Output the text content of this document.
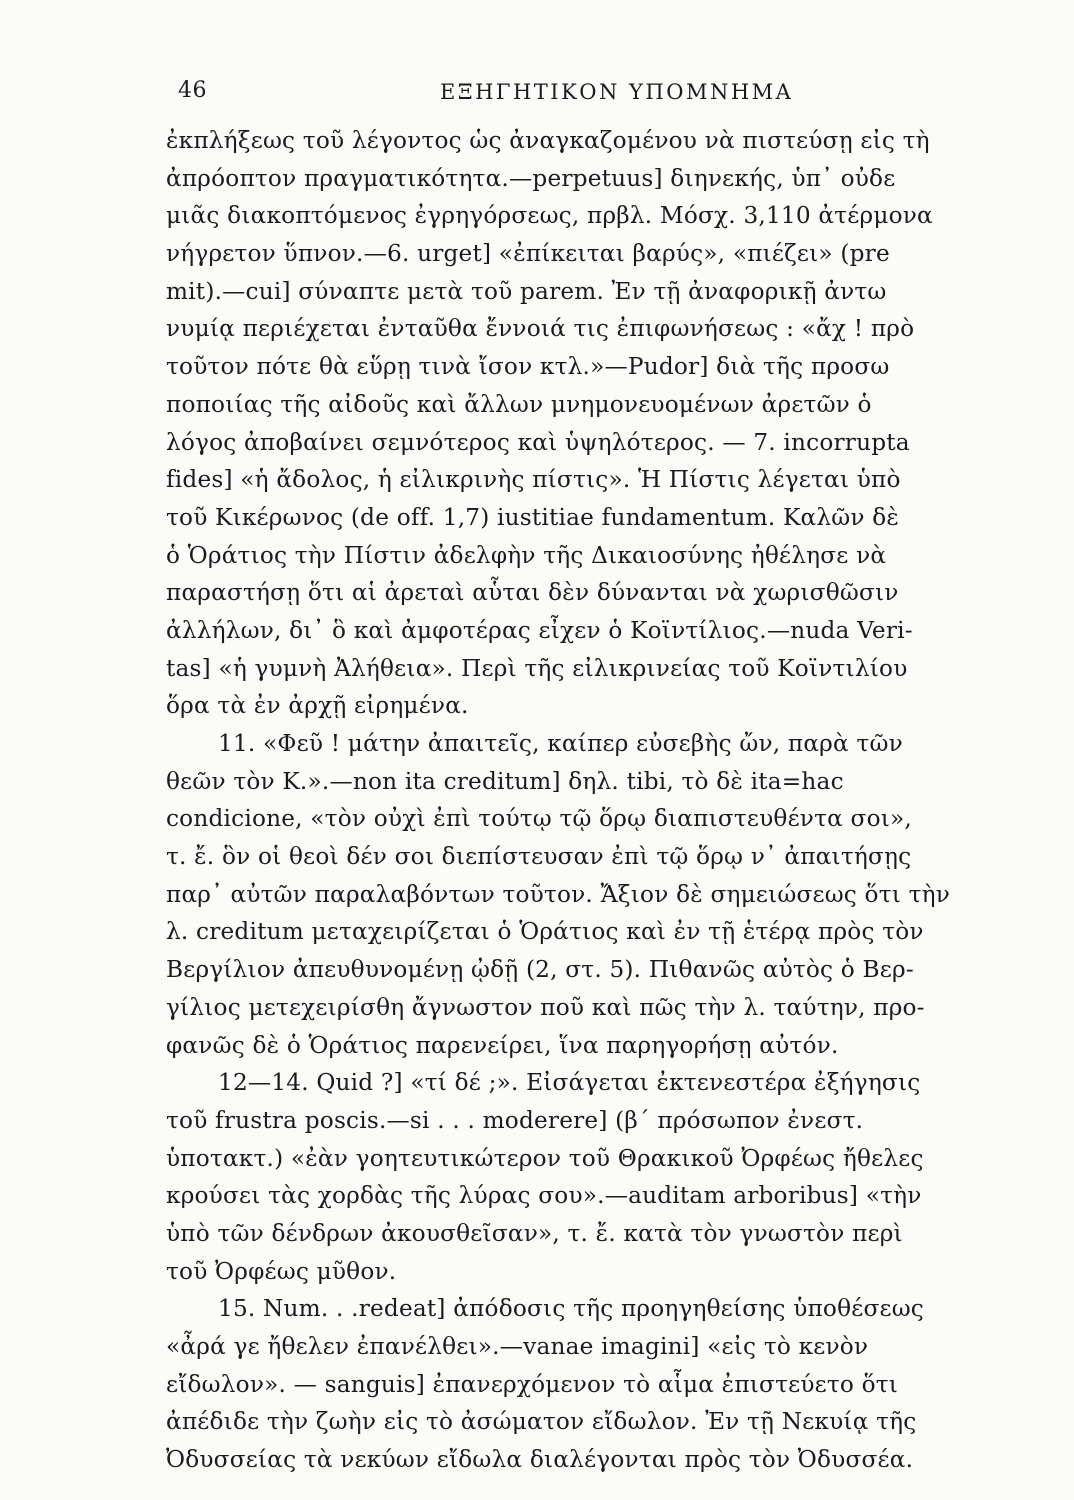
46	ΕΞΗΓΗΤΙΚΟΝ ΥΠΟΜΝΗΜΑ
ἐκπλήξεως τοῦ λέγοντος ὡς ἀναγκαζομένου νὰ πιστεύσῃ εἰς τὴ
ἀπρόοπτον πραγματικότητα.—perpetuus] διηνεκής, ὑπ᾽ οὐδε
μιᾶς διακοπτόμενος ἐγρηγόρσεως, πρβλ. Μόσχ. 3,110 ἀτέρμονα
νήγρετον ὕπνον.—6. urget] «ἐπίκειται βαρύς», «πιέζει» (pre
mit).—cui] σύναπτε μετὰ τοῦ parem. Ἐν τῇ ἀναφορικῇ ἀντω
νυμίᾳ περιέχεται ἐνταῦθα ἔννοιά τις ἐπιφωνήσεως : «ἄχ ! πρὸ
τοῦτον πότε θὰ εὕρῃ τινὰ ἴσον κτλ.»—Pudor] διὰ τῆς προσω
ποποιίας τῆς αἰδοῦς καὶ ἄλλων μνημονευομένων ἀρετῶν ὁ
λόγος ἀποβαίνει σεμνότερος καὶ ὑψηλότερος. — 7. incorrupta
fides] «ἡ ἄδολος, ἡ εἰλικρινὴς πίστις». Ἡ Πίστις λέγεται ὑπὸ
τοῦ Κικέρωνος (de off. 1,7) iustitiae fundamentum. Καλῶν δὲ
ὁ Ὁράτιος τὴν Πίστιν ἀδελφὴν τῆς Δικαιοσύνης ἠθέλησε νὰ
παραστήσῃ ὅτι αἱ ἀρεταὶ αὗται δὲν δύνανται νὰ χωρισθῶσιν
ἀλλήλων, δι᾽ ὃ καὶ ἀμφοτέρας εἶχεν ὁ Κοϊντίλιος.—nuda Veri-
tas] «ἡ γυμνὴ Ἀλήθεια». Περὶ τῆς εἰλικρινείας τοῦ Κοϊντιλίου
ὅρα τὰ ἐν ἀρχῇ εἰρημένα.
11. «Φεῦ ! μάτην ἀπαιτεῖς, καίπερ εὐσεβὴς ὤν, παρὰ τῶν
θεῶν τὸν Κ.».—non ita creditum] δηλ. tibi, τὸ δὲ ita=hac
condicione, «τὸν οὐχὶ ἐπὶ τούτῳ τῷ ὅρῳ διαπιστευθέντα σοι»,
τ. ἔ. ὃν οἱ θεοὶ δέν σοι διεπίστευσαν ἐπὶ τῷ ὅρῳ ν᾽ ἀπαιτήσῃς
παρ᾽ αὐτῶν παραλαβόντων τοῦτον. Ἄξιον δὲ σημειώσεως ὅτι τὴν
λ. creditum μεταχειρίζεται ὁ Ὁράτιος καὶ ἐν τῇ ἑτέρᾳ πρὸς τὸν
Βεργίλιον ἀπευθυνομένῃ ᾠδῇ (2, στ. 5). Πιθανῶς αὐτὸς ὁ Βερ-
γίλιος μετεχειρίσθη ἄγνωστον ποῦ καὶ πῶς τὴν λ. ταύτην, προ-
φανῶς δὲ ὁ Ὁράτιος παρενείρει, ἵνα παρηγορήσῃ αὐτόν.
12—14. Quid ?] «τί δέ ;». Εἰσάγεται ἐκτενεστέρα ἐξήγησις
τοῦ frustra poscis.—si . . . moderere] (β´ πρόσωπον ἐνεστ.
ὑποτακτ.) «ἐὰν γοητευτικώτερον τοῦ Θρακικοῦ Ὀρφέως ἤθελες
κρούσει τὰς χορδὰς τῆς λύρας σου».—auditam arboribus] «τὴν
ὑπὸ τῶν δένδρων ἀκουσθεῖσαν», τ. ἔ. κατὰ τὸν γνωστὸν περὶ
τοῦ Ὀρφέως μῦθον.
15. Num. . .redeat] ἀπόδοσις τῆς προηγηθείσης ὑποθέσεως
«ἆρά γε ἤθελεν ἐπανέλθει».—vanae imagini] «εἰς τὸ κενὸν
εἴδωλον». — sanguis] ἐπανερχόμενον τὸ αἷμα ἐπιστεύετο ὅτι
ἀπέδιδε τὴν ζωὴν εἰς τὸ ἀσώματον εἴδωλον. Ἐν τῇ Νεκυίᾳ τῆς
Ὀδυσσείας τὰ νεκύων εἴδωλα διαλέγονται πρὸς τὸν Ὀδυσσέα.
